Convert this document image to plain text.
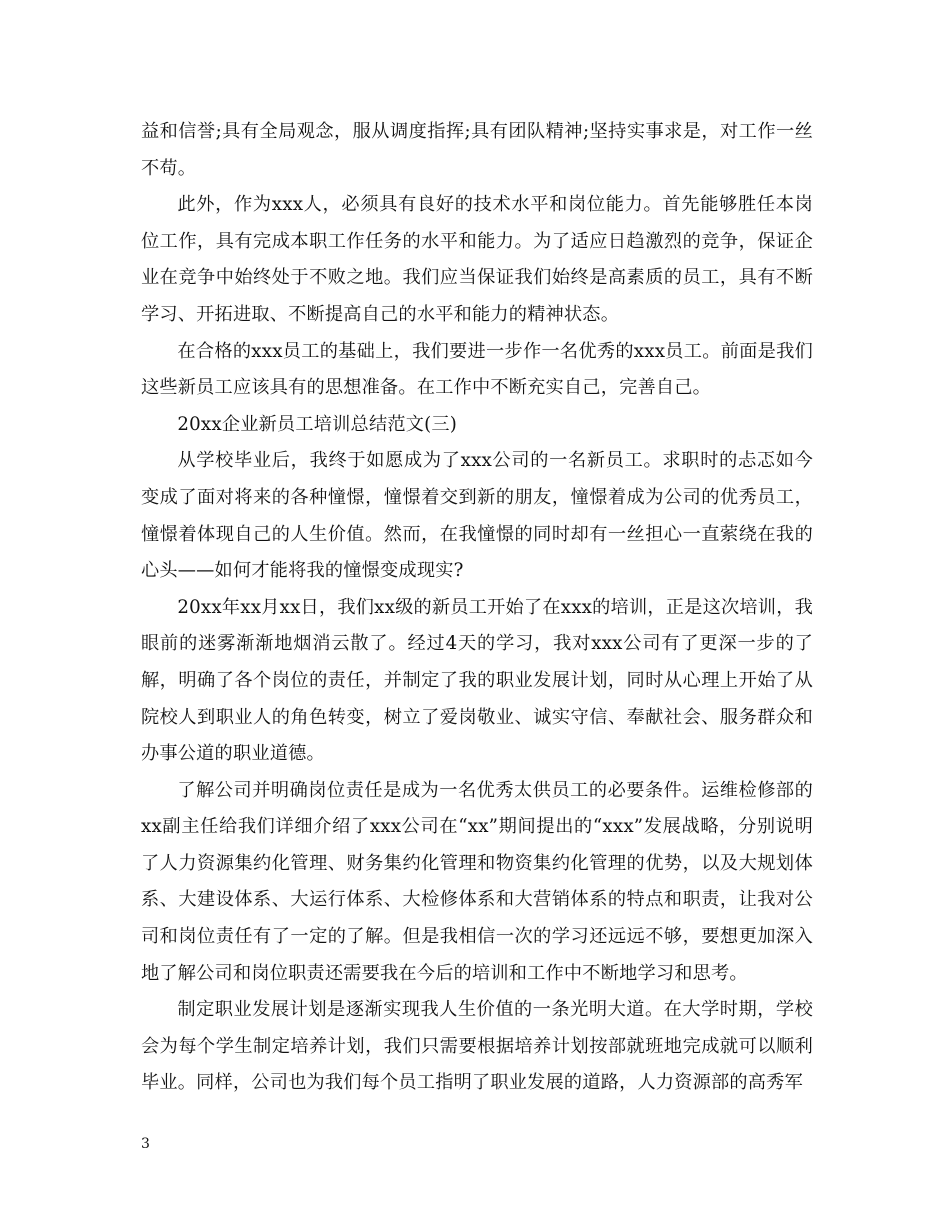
益和信誉;具有全局观念，服从调度指挥;具有团队精神;坚持实事求是，对工作一丝不苟。

此外，作为xxx人，必须具有良好的技术水平和岗位能力。首先能够胜任本岗位工作，具有完成本职工作任务的水平和能力。为了适应日趋激烈的竞争，保证企业在竞争中始终处于不败之地。我们应当保证我们始终是高素质的员工，具有不断学习、开拓进取、不断提高自己的水平和能力的精神状态。

在合格的xxx员工的基础上，我们要进一步作一名优秀的xxx员工。前面是我们这些新员工应该具有的思想准备。在工作中不断充实自己，完善自己。

20xx企业新员工培训总结范文(三)

从学校毕业后，我终于如愿成为了xxx公司的一名新员工。求职时的忐忑如今变成了面对将来的各种憧憬，憧憬着交到新的朋友，憧憬着成为公司的优秀员工，憧憬着体现自己的人生价值。然而，在我憧憬的同时却有一丝担心一直萦绕在我的心头——如何才能将我的憧憬变成现实?

20xx年xx月xx日，我们xx级的新员工开始了在xxx的培训，正是这次培训，我眼前的迷雾渐渐地烟消云散了。经过4天的学习，我对xxx公司有了更深一步的了解，明确了各个岗位的责任，并制定了我的职业发展计划，同时从心理上开始了从院校人到职业人的角色转变，树立了爱岗敬业、诚实守信、奉献社会、服务群众和办事公道的职业道德。

了解公司并明确岗位责任是成为一名优秀太供员工的必要条件。运维检修部的xx副主任给我们详细介绍了xxx公司在“xx”期间提出的“xxx”发展战略，分别说明了人力资源集约化管理、财务集约化管理和物资集约化管理的优势，以及大规划体系、大建设体系、大运行体系、大检修体系和大营销体系的特点和职责，让我对公司和岗位责任有了一定的了解。但是我相信一次的学习还远远不够，要想更加深入地了解公司和岗位职责还需要我在今后的培训和工作中不断地学习和思考。

制定职业发展计划是逐渐实现我人生价值的一条光明大道。在大学时期，学校会为每个学生制定培养计划，我们只需要根据培养计划按部就班地完成就可以顺利毕业。同样，公司也为我们每个员工指明了职业发展的道路，人力资源部的高秀军

3
